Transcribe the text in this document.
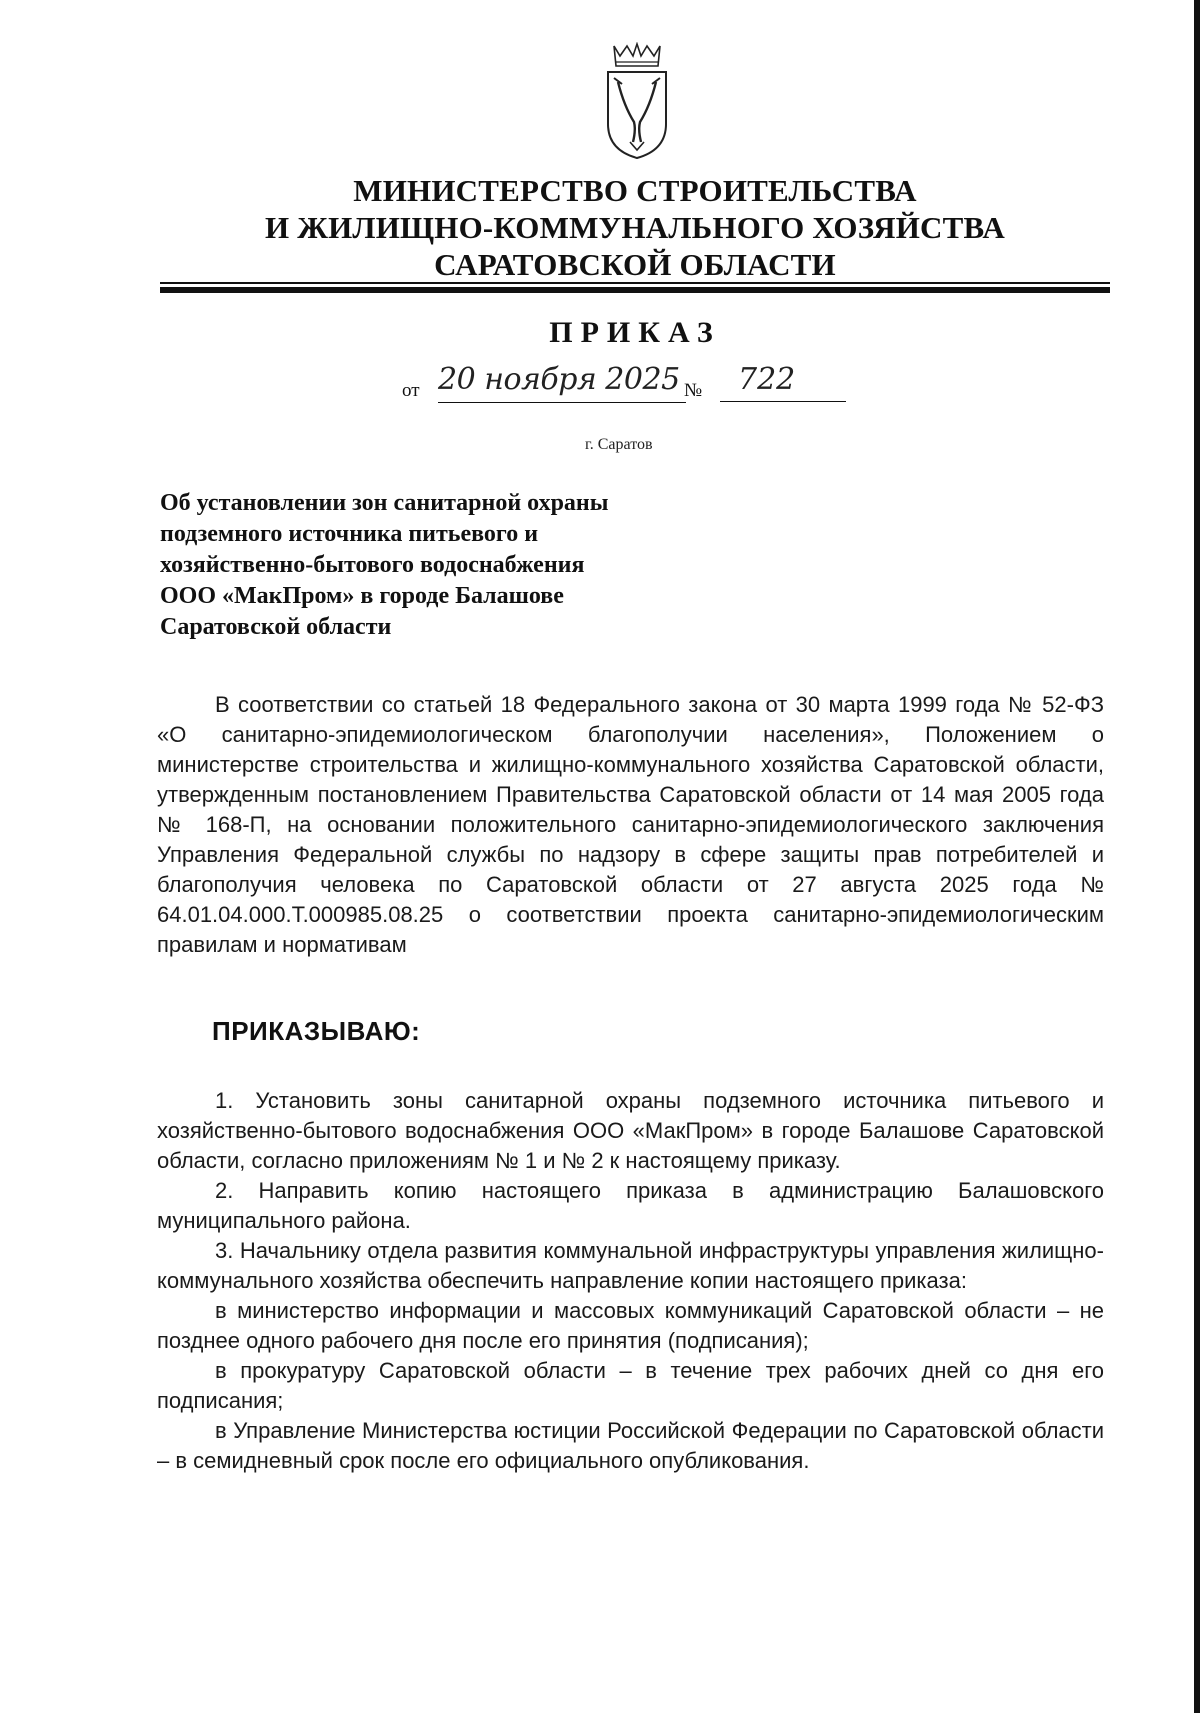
МИНИСТЕРСТВО СТРОИТЕЛЬСТВА
И ЖИЛИЩНО-КОММУНАЛЬНОГО ХОЗЯЙСТВА
САРАТОВСКОЙ ОБЛАСТИ
ПРИКАЗ
от 20 ноября 2025 №	722
г. Саратов
Об установлении зон санитарной охраны
подземного источника питьевого и
хозяйственно-бытового водоснабжения
ООО «МакПром» в городе Балашове
Саратовской области

В соответствии со статьей 18 Федерального закона от 30 марта 1999 года № 52-ФЗ «О санитарно-эпидемиологическом благополучии населения», Положением о министерстве строительства и жилищно-коммунального хозяйства Саратовской области, утвержденным постановлением Правительства Саратовской области от 14 мая 2005 года № 168-П, на основании положительного санитарно-эпидемиологического заключения Управления Федеральной службы по надзору в сфере защиты прав потребителей и благополучия человека по Саратовской области от 27 августа 2025 года № 64.01.04.000.Т.000985.08.25 о соответствии проекта санитарно-эпидемиологическим правилам и нормативам

ПРИКАЗЫВАЮ:

1. Установить зоны санитарной охраны подземного источника питьевого и хозяйственно-бытового водоснабжения ООО «МакПром» в городе Балашове Саратовской области, согласно приложениям № 1 и № 2 к настоящему приказу.

2. Направить копию настоящего приказа в администрацию Балашовского муниципального района.

3. Начальнику отдела развития коммунальной инфраструктуры управления жилищно-коммунального хозяйства обеспечить направление копии настоящего приказа:

в министерство информации и массовых коммуникаций Саратовской области – не позднее одного рабочего дня после его принятия (подписания);

в прокуратуру Саратовской области – в течение трех рабочих дней со дня его подписания;

в Управление Министерства юстиции Российской Федерации по Саратовской области – в семидневный срок после его официального опубликования.
